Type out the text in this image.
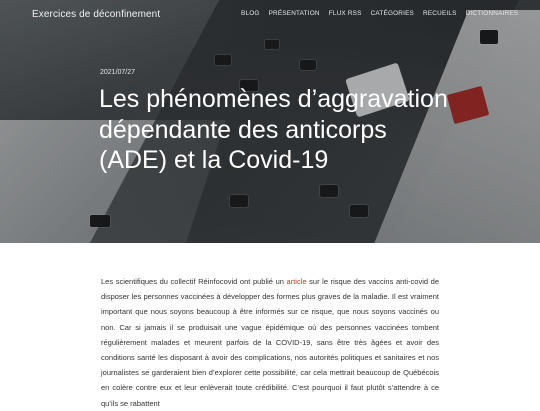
Exercices de déconfinement	BLOG PRÉSENTATION FLUX RSS CATÉGORIES RECUEILS DICTIONNAIRES
2021/07/27
Les phénomènes d’aggravation dépendante des anticorps (ADE) et la Covid-19

Les scientifiques du collectif Réinfocovid ont publié un article sur le risque des vaccins anti-covid de disposer les personnes vaccinées à développer des formes plus graves de la maladie. Il est vraiment important que nous soyons beaucoup à être informés sur ce risque, que nous soyons vaccinés ou non. Car si jamais il se produisait une vague épidémique où des personnes vaccinées tombent régulièrement malades et meurent parfois de la COVID-19, sans être très âgées et avoir des conditions santé les disposant à avoir des complications, nos autorités politiques et sanitaires et nos journalistes se garderaient bien d’explorer cette possibilité, car cela mettrait beaucoup de Québécois en colère contre eux et leur enlèverait toute crédibilité. C’est pourquoi il faut plutôt s’attendre à ce qu’ils se rabattent
